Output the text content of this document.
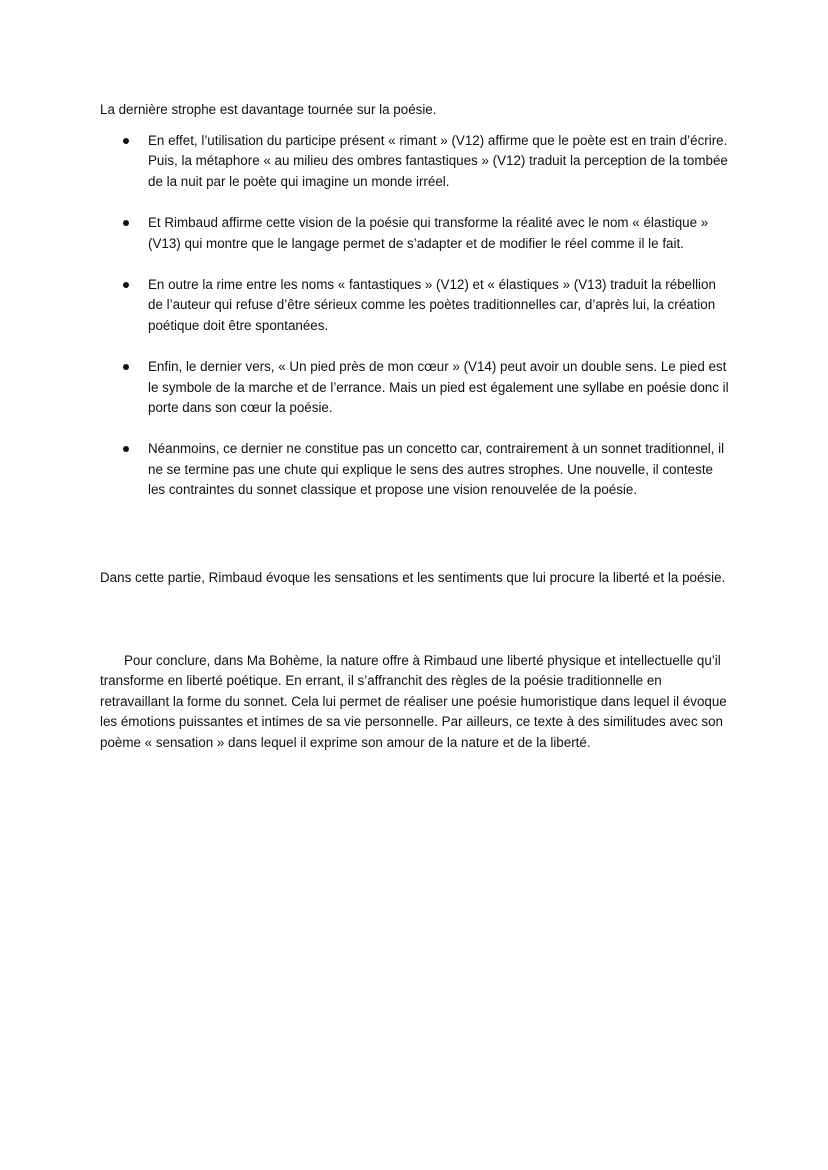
La dernière strophe est davantage tournée sur la poésie.

En effet, l’utilisation du participe présent « rimant » (V12) affirme que le poète est en train d’écrire. Puis, la métaphore « au milieu des ombres fantastiques » (V12) traduit la perception de la tombée de la nuit par le poète qui imagine un monde irréel.
Et Rimbaud affirme cette vision de la poésie qui transforme la réalité avec le nom « élastique » (V13) qui montre que le langage permet de s’adapter et de modifier le réel comme il le fait.
En outre la rime entre les noms « fantastiques » (V12) et « élastiques » (V13) traduit la rébellion de l’auteur qui refuse d’être sérieux comme les poètes traditionnelles car, d’après lui, la création poétique doit être spontanées.
Enfin, le dernier vers, « Un pied près de mon cœur » (V14) peut avoir un double sens. Le pied est le symbole de la marche et de l’errance. Mais un pied est également une syllabe en poésie donc il porte dans son cœur la poésie.
Néanmoins, ce dernier ne constitue pas un concetto car, contrairement à un sonnet traditionnel, il ne se termine pas une chute qui explique le sens des autres strophes. Une nouvelle, il conteste les contraintes du sonnet classique et propose une vision renouvelée de la poésie.

Dans cette partie, Rimbaud évoque les sensations et les sentiments que lui procure la liberté et la poésie.

Pour conclure, dans Ma Bohème, la nature offre à Rimbaud une liberté physique et intellectuelle qu’il transforme en liberté poétique. En errant, il s’affranchit des règles de la poésie traditionnelle en retravaillant la forme du sonnet. Cela lui permet de réaliser une poésie humoristique dans lequel il évoque les émotions puissantes et intimes de sa vie personnelle. Par ailleurs, ce texte à des similitudes avec son poème « sensation » dans lequel il exprime son amour de la nature et de la liberté.
